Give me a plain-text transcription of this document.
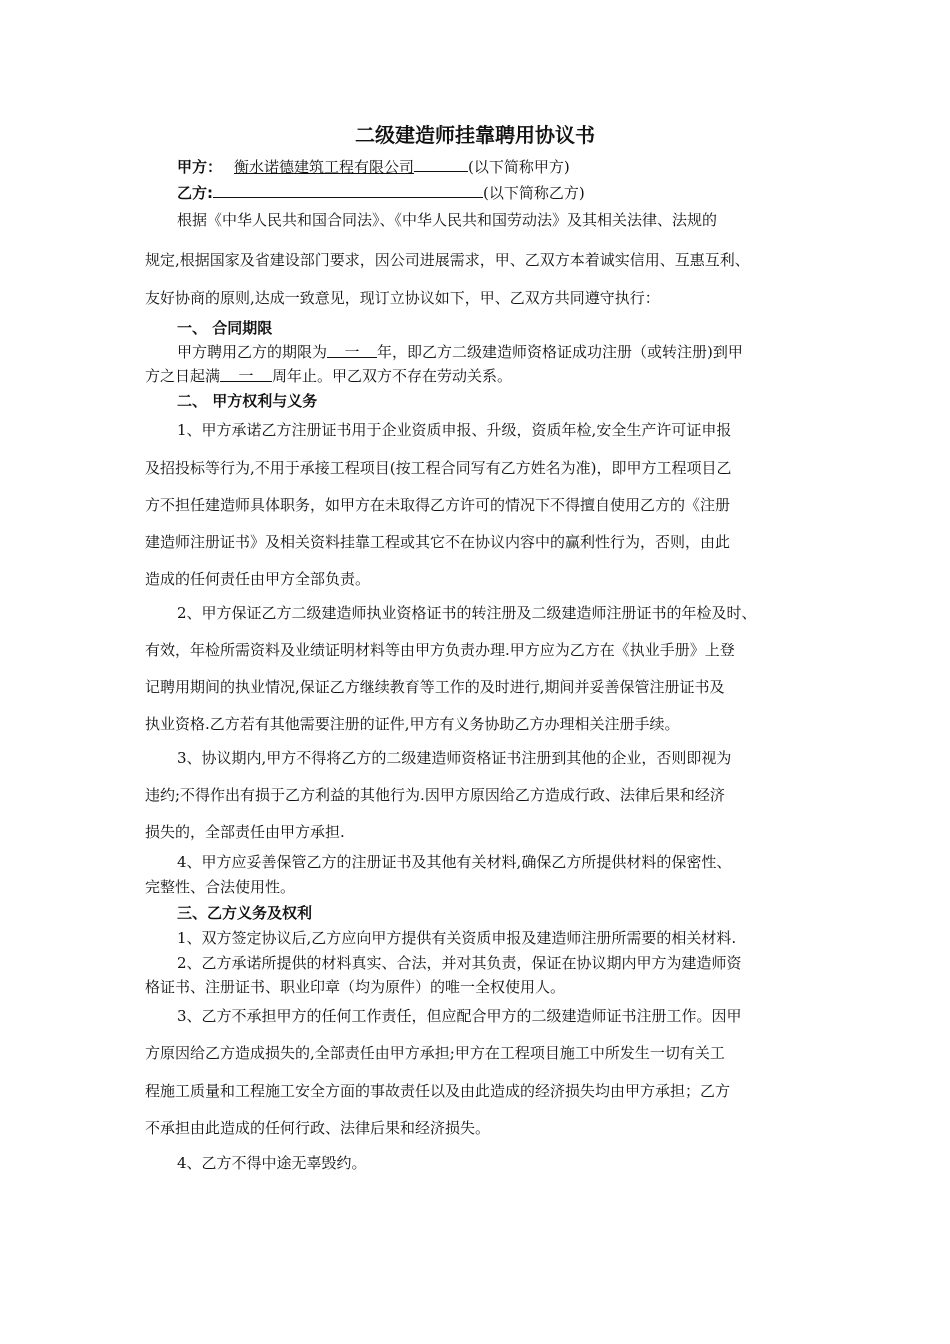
二级建造师挂靠聘用协议书
甲方： 衡水诺德建筑工程有限公司	(以下简称甲方)
乙方:	(以下简称乙方)
根据《中华人民共和国合同法》、《中华人民共和国劳动法》及其相关法律、法规的
规定,根据国家及省建设部门要求，因公司进展需求，甲、乙双方本着诚实信用、互惠互利、
友好协商的原则,达成一致意见，现订立协议如下，甲、乙双方共同遵守执行：
一、 合同期限
甲方聘用乙方的期限为 一 年，即乙方二级建造师资格证成功注册（或转注册)到甲
方之日起满 一 周年止。甲乙双方不存在劳动关系。
二、 甲方权利与义务
1、甲方承诺乙方注册证书用于企业资质申报、升级，资质年检,安全生产许可证申报
及招投标等行为,不用于承接工程项目(按工程合同写有乙方姓名为准)，即甲方工程项目乙
方不担任建造师具体职务，如甲方在未取得乙方许可的情况下不得擅自使用乙方的《注册
建造师注册证书》及相关资料挂靠工程或其它不在协议内容中的赢利性行为，否则，由此
造成的任何责任由甲方全部负责。
2、甲方保证乙方二级建造师执业资格证书的转注册及二级建造师注册证书的年检及时、
有效，年检所需资料及业绩证明材料等由甲方负责办理.甲方应为乙方在《执业手册》上登
记聘用期间的执业情况,保证乙方继续教育等工作的及时进行,期间并妥善保管注册证书及
执业资格.乙方若有其他需要注册的证件,甲方有义务协助乙方办理相关注册手续。
3、协议期内,甲方不得将乙方的二级建造师资格证书注册到其他的企业，否则即视为
违约;不得作出有损于乙方利益的其他行为.因甲方原因给乙方造成行政、法律后果和经济
损失的，全部责任由甲方承担.
4、甲方应妥善保管乙方的注册证书及其他有关材料,确保乙方所提供材料的保密性、
完整性、合法使用性。
三、乙方义务及权利
1、双方签定协议后,乙方应向甲方提供有关资质申报及建造师注册所需要的相关材料.
2、乙方承诺所提供的材料真实、合法，并对其负责，保证在协议期内甲方为建造师资
格证书、注册证书、职业印章（均为原件）的唯一全权使用人。
3、乙方不承担甲方的任何工作责任，但应配合甲方的二级建造师证书注册工作。因甲
方原因给乙方造成损失的,全部责任由甲方承担;甲方在工程项目施工中所发生一切有关工
程施工质量和工程施工安全方面的事故责任以及由此造成的经济损失均由甲方承担；乙方
不承担由此造成的任何行政、法律后果和经济损失。
4、乙方不得中途无辜毁约。
